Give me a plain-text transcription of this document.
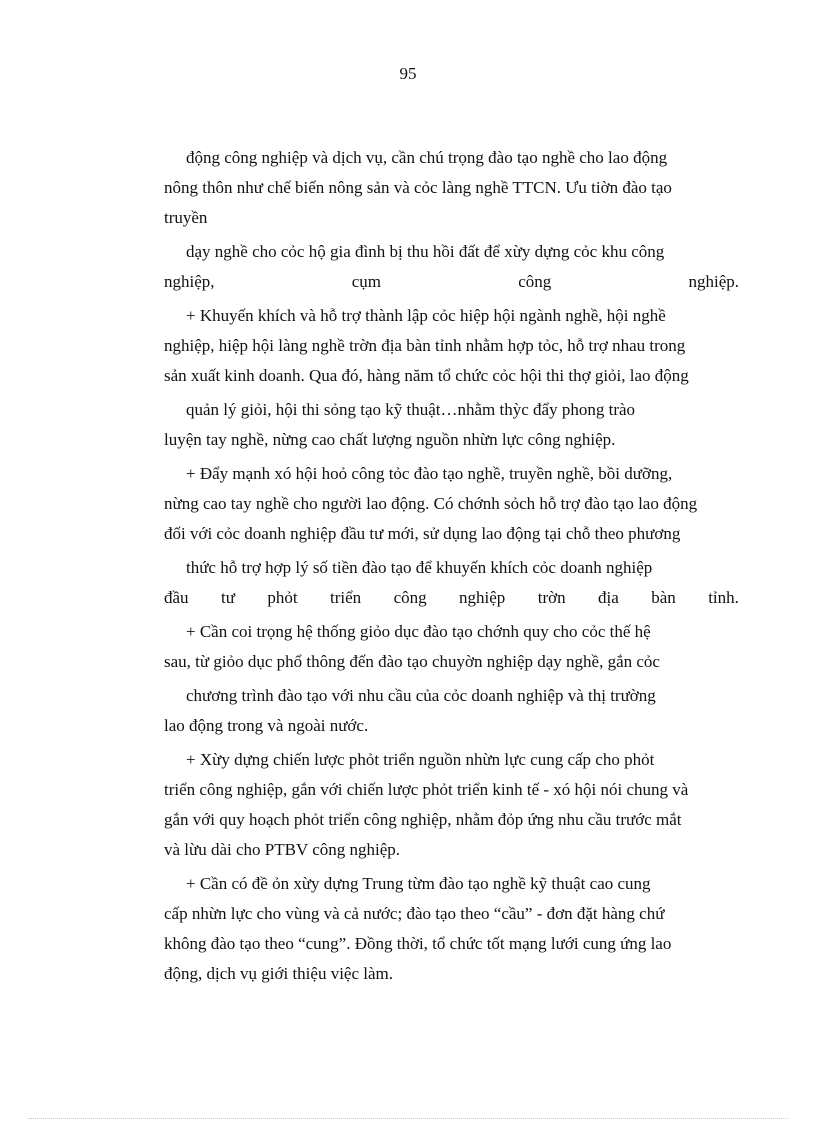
95
động công nghiệp và dịch vụ, cần chú trọng đào tạo nghề cho lao động
nông thôn như chế biến nông sản và cỏc làng nghề TTCN. Ưu tiờn đào tạo
truyền
dạy nghề cho cỏc hộ gia đình bị thu hồi đất để xừy dựng cỏc khu công
nghiệp,	cụm	công	nghiệp.
+ Khuyến khích và hỗ trợ thành lập cỏc hiệp hội ngành nghề, hội nghề
nghiệp, hiệp hội làng nghề trờn địa bàn tỉnh nhằm hợp tỏc, hỗ trợ nhau trong
sản xuất kinh doanh. Qua đó, hàng năm tổ chức cỏc hội thi thợ giỏi, lao động
quản lý giỏi, hội thi sỏng tạo kỹ thuật…nhằm thỳc đẩy phong trào
luyện tay nghề, nừng cao chất lượng nguồn nhừn lực công nghiệp.
+ Đẩy mạnh xó hội hoỏ công tỏc đào tạo nghề, truyền nghề, bồi dưỡng,
nừng cao tay nghề cho người lao động. Có chớnh sỏch hỗ trợ đào tạo lao động
đối với cỏc doanh nghiệp đầu tư mới, sử dụng lao động tại chỗ theo phương
thức hỗ trợ hợp lý số tiền đào tạo để khuyến khích cỏc doanh nghiệp
đầu tư phỏt triển công nghiệp trờn địa bàn tỉnh.
+ Cần coi trọng hệ thống giỏo dục đào tạo chớnh quy cho cỏc thế hệ
sau, từ giỏo dục phổ thông đến đào tạo chuyờn nghiệp dạy nghề, gắn cỏc
chương trình đào tạo với nhu cầu của cỏc doanh nghiệp và thị trường
lao động trong và ngoài nước.
+ Xừy dựng chiến lược phỏt triển nguồn nhừn lực cung cấp cho phỏt
triển công nghiệp, gắn với chiến lược phỏt triển kinh tế - xó hội nói chung và
gắn với quy hoạch phỏt triển công nghiệp, nhằm đỏp ứng nhu cầu trước mắt
và lừu dài cho PTBV công nghiệp.
+ Cần có đề ỏn xừy dựng Trung từm đào tạo nghề kỹ thuật cao cung
cấp nhừn lực cho vùng và cả nước; đào tạo theo “cầu” - đơn đặt hàng chứ
không đào tạo theo “cung”. Đồng thời, tổ chức tốt mạng lưới cung ứng lao
động, dịch vụ giới thiệu việc làm.
